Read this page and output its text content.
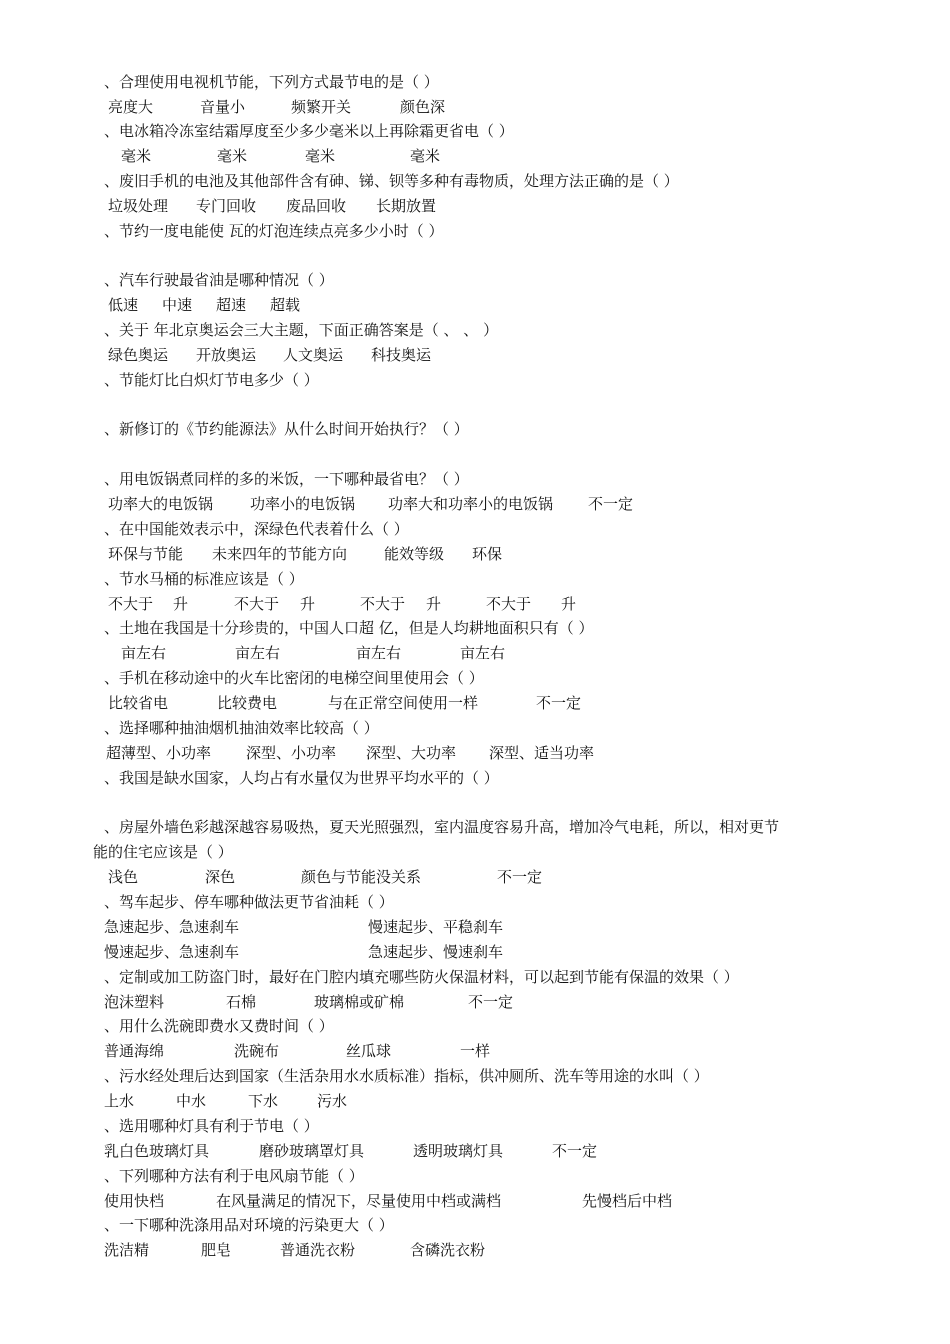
、合理使用电视机节能，下列方式最节电的是（ ）
亮度大	音量小	频繁开关	颜色深
、电冰箱冷冻室结霜厚度至少多少毫米以上再除霜更省电（ ）
毫米	毫米	毫米	毫米
、废旧手机的电池及其他部件含有砷、锑、钡等多种有毒物质，处理方法正确的是（ ）
垃圾处理 专门回收 废品回收 长期放置
、节约一度电能使 瓦的灯泡连续点亮多少小时（ ）
、汽车行驶最省油是哪种情况（ ）
低速 中速 超速 超载
、关于 年北京奥运会三大主题，下面正确答案是（ 、 、 ）
绿色奥运 开放奥运 人文奥运 科技奥运
、节能灯比白炽灯节电多少（ ）
、新修订的《节约能源法》从什么时间开始执行？（ ）
、用电饭锅煮同样的多的米饭，一下哪种最省电？（ ）
功率大的电饭锅 功率小的电饭锅 功率大和功率小的电饭锅 不一定
、在中国能效表示中，深绿色代表着什么（ ）
环保与节能 未来四年的节能方向 能效等级 环保
、节水马桶的标准应该是（ ）
不大于 升	不大于 升	不大于 升	不大于 升
、土地在我国是十分珍贵的，中国人口超 亿，但是人均耕地面积只有（ ）
亩左右	亩左右	亩左右	亩左右
、手机在移动途中的火车比密闭的电梯空间里使用会（ ）
比较省电	比较费电	与在正常空间使用一样	不一定
、选择哪种抽油烟机抽油效率比较高（ ）
超薄型、小功率 深型、小功率 深型、大功率 深型、适当功率
、我国是缺水国家，人均占有水量仅为世界平均水平的（ ）
、房屋外墙色彩越深越容易吸热，夏天光照强烈，室内温度容易升高，增加冷气电耗，所以，相对更节
能的住宅应该是（ ）
浅色	深色	颜色与节能没关系	不一定
、驾车起步、停车哪种做法更节省油耗（ ）
急速起步、急速刹车	慢速起步、平稳刹车
慢速起步、急速刹车	急速起步、慢速刹车
、定制或加工防盗门时，最好在门腔内填充哪些防火保温材料，可以起到节能有保温的效果（ ）
泡沫塑料	石棉	玻璃棉或矿棉	不一定
、用什么洗碗即费水又费时间（ ）
普通海绵	洗碗布	丝瓜球	一样
、污水经处理后达到国家（生活杂用水水质标准）指标，供冲厕所、洗车等用途的水叫（ ）
上水	中水	下水	污水
、选用哪种灯具有利于节电（ ）
乳白色玻璃灯具	磨砂玻璃罩灯具	透明玻璃灯具	不一定
、下列哪种方法有利于电风扇节能（ ）
使用快档	在风量满足的情况下，尽量使用中档或满档	先慢档后中档
、一下哪种洗涤用品对环境的污染更大（ ）
洗洁精	肥皂	普通洗衣粉	含磷洗衣粉
